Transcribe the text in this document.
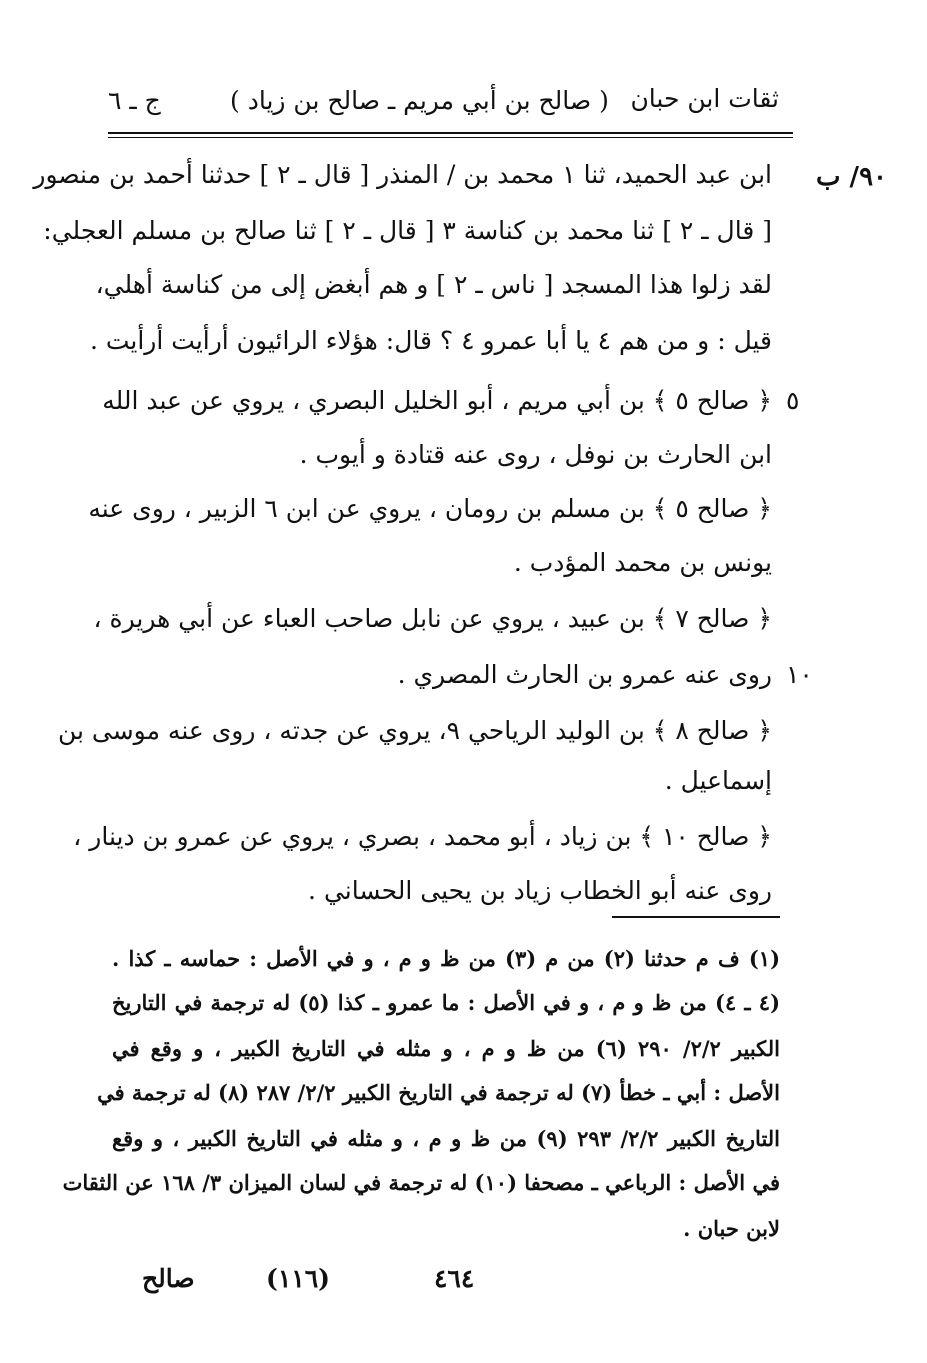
ج ـ ٦	( صالح بن أبي مريم ـ صالح بن زياد ) ثقات ابن حبان
٩٠/ ب
٥
١٠
ابن عبد الحميد، ثنا ١ محمد بن / المنذر [ قال ـ ٢ ] حدثنا أحمد بن منصور
[ قال ـ ٢ ] ثنا محمد بن كناسة ٣ [ قال ـ ٢ ] ثنا صالح بن مسلم العجلي:
لقد زلوا هذا المسجد [ ناس ـ ٢ ] و هم أبغض إلى من كناسة أهلي،
قيل : و من هم ٤ يا أبا عمرو ٤ ؟ قال: هؤلاء الرائيون أرأيت أرأيت .
﴿ صالح ٥ ﴾ بن أبي مريم ، أبو الخليل البصري ، يروي عن عبد الله
ابن الحارث بن نوفل ، روى عنه قتادة و أيوب .
﴿ صالح ٥ ﴾ بن مسلم بن رومان ، يروي عن ابن ٦ الزبير ، روى عنه
يونس بن محمد المؤدب .
﴿ صالح ٧ ﴾ بن عبيد ، يروي عن نابل صاحب العباء عن أبي هريرة ،
روى عنه عمرو بن الحارث المصري .
﴿ صالح ٨ ﴾ بن الوليد الرياحي ٩، يروي عن جدته ، روى عنه موسى بن
إسماعيل .
﴿ صالح ١٠ ﴾ بن زياد ، أبو محمد ، بصري ، يروي عن عمرو بن دينار ،
روى عنه أبو الخطاب زياد بن يحيى الحساني .
(١) ف م حدثنا (٢) من م (٣) من ظ و م ، و في الأصل : حماسه ـ كذا .
(٤ ـ ٤) من ظ و م ، و في الأصل : ما عمرو ـ كذا (٥) له ترجمة في التاريخ
الكبير ٢/٢/ ٢٩٠ (٦) من ظ و م ، و مثله في التاريخ الكبير ، و وقع في
الأصل : أبي ـ خطأ (٧) له ترجمة في التاريخ الكبير ٢/٢/ ٢٨٧ (٨) له ترجمة في
التاريخ الكبير ٢/٢/ ٢٩٣ (٩) من ظ و م ، و مثله في التاريخ الكبير ، و وقع
في الأصل : الرباعي ـ مصحفا (١٠) له ترجمة في لسان الميزان ٣/ ١٦٨ عن الثقات
لابن حبان .
صالح	(١١٦)	٤٦٤
